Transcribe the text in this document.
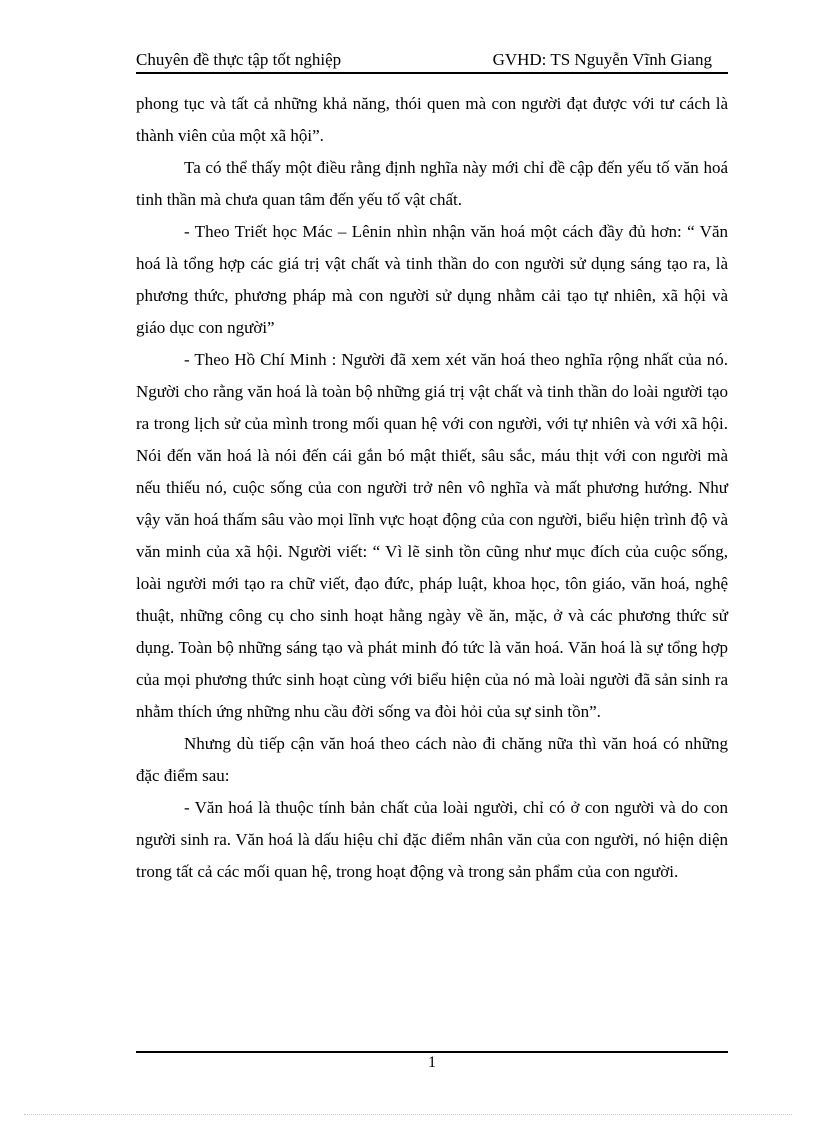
Chuyên đề thực tập tốt nghiệp	GVHD: TS Nguyễn Vĩnh Giang

phong tục và tất cả những khả năng, thói quen mà con người đạt được với tư cách là thành viên của một xã hội”.

Ta có thể thấy một điều rằng định nghĩa này mới chỉ đề cập đến yếu tố văn hoá tinh thần mà chưa quan tâm đến yếu tố vật chất.

- Theo Triết học Mác – Lênin nhìn nhận văn hoá một cách đầy đủ hơn: “ Văn hoá là tổng hợp các giá trị vật chất và tinh thần do con người sử dụng sáng tạo ra, là phương thức, phương pháp mà con người sử dụng nhằm cải tạo tự nhiên, xã hội và giáo dục con người”

- Theo Hồ Chí Minh : Người đã xem xét văn hoá theo nghĩa rộng nhất của nó. Người cho rằng văn hoá là toàn bộ những giá trị vật chất và tinh thần do loài người tạo ra trong lịch sử của mình trong mối quan hệ với con người, với tự nhiên và với xã hội. Nói đến văn hoá là nói đến cái gắn bó mật thiết, sâu sắc, máu thịt với con người mà nếu thiếu nó, cuộc sống của con người trở nên vô nghĩa và mất phương hướng. Như vậy văn hoá thấm sâu vào mọi lĩnh vực hoạt động của con người, biểu hiện trình độ và văn minh của xã hội. Người viết: “ Vì lẽ sinh tồn cũng như mục đích của cuộc sống, loài người mới tạo ra chữ viết, đạo đức, pháp luật, khoa học, tôn giáo, văn hoá, nghệ thuật, những công cụ cho sinh hoạt hằng ngày về ăn, mặc, ở và các phương thức sử dụng. Toàn bộ những sáng tạo và phát minh đó tức là văn hoá. Văn hoá là sự tổng hợp của mọi phương thức sinh hoạt cùng với biểu hiện của nó mà loài người đã sản sinh ra nhằm thích ứng những nhu cầu đời sống va đòi hỏi của sự sinh tồn”.

Nhưng dù tiếp cận văn hoá theo cách nào đi chăng nữa thì văn hoá có những đặc điểm sau:

- Văn hoá là thuộc tính bản chất của loài người, chỉ có ở con người và do con người sinh ra. Văn hoá là dấu hiệu chỉ đặc điểm nhân văn của con người, nó hiện diện trong tất cả các mối quan hệ, trong hoạt động và trong sản phẩm của con người.

1
